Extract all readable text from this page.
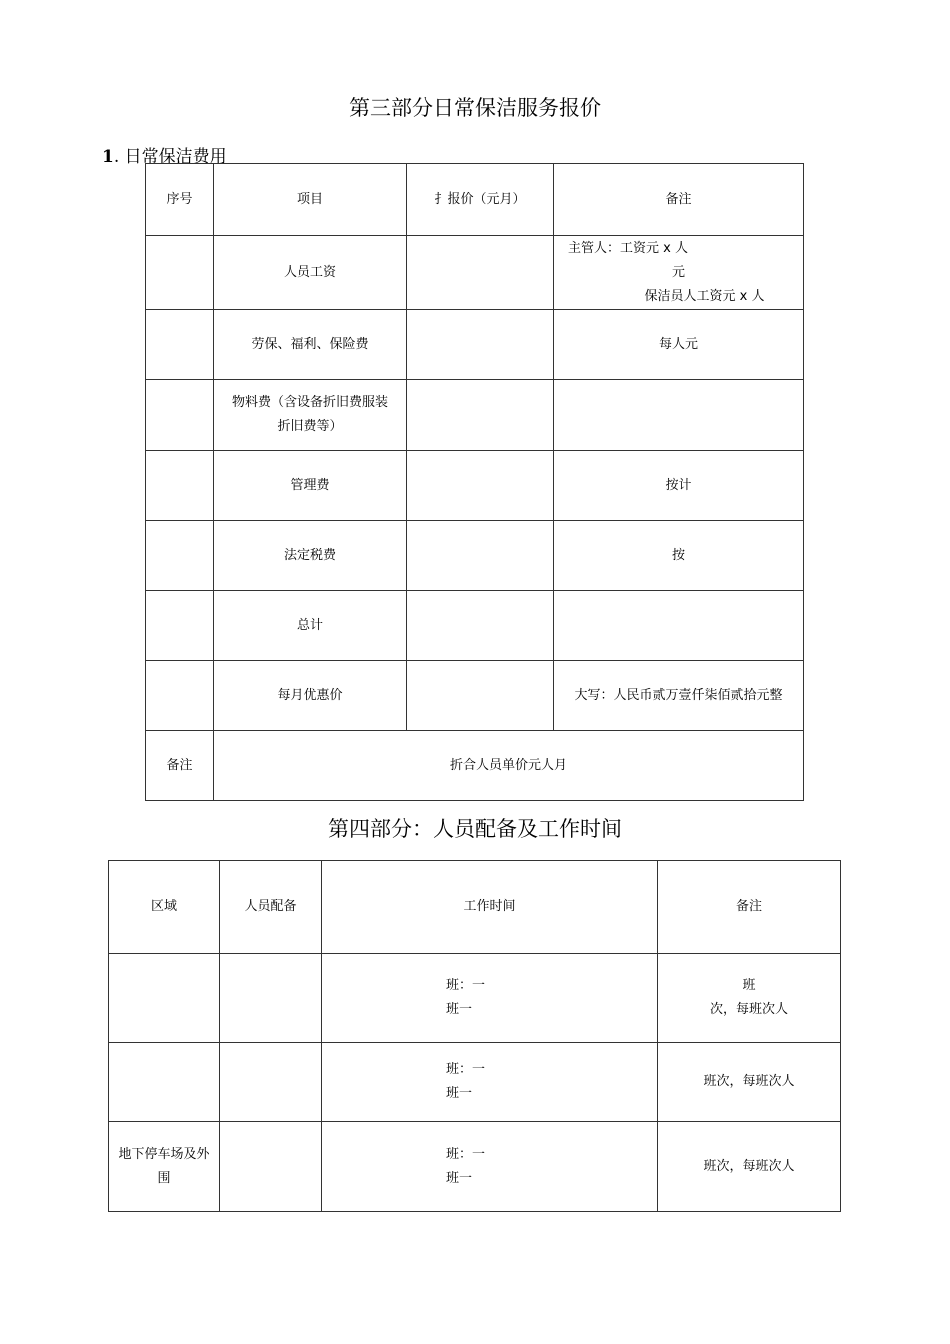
第三部分日常保洁服务报价
1. 日常保洁费用
序号	项目	扌报价（元月）	备注
	人员工资		主管人：工资元 x 人
元
保洁员人工资元 x 人

	劳保、福利、保险费		每人元

	物料费（含设备折旧费服装
折旧费等）		

	管理费		按计
	法定税费		按
	总计		
	每月优惠价		大写：人民币贰万壹仟柒佰贰拾元整
备注	折合人员单价元人月		
第四部分：人员配备及工作时间
区域	人员配备	工作时间	备注

		班：一
班一	班
次，每班次人

		班：一
班一	班次，每班次人

地下停车场及外
围		班：一
班一	班次，每班次人
